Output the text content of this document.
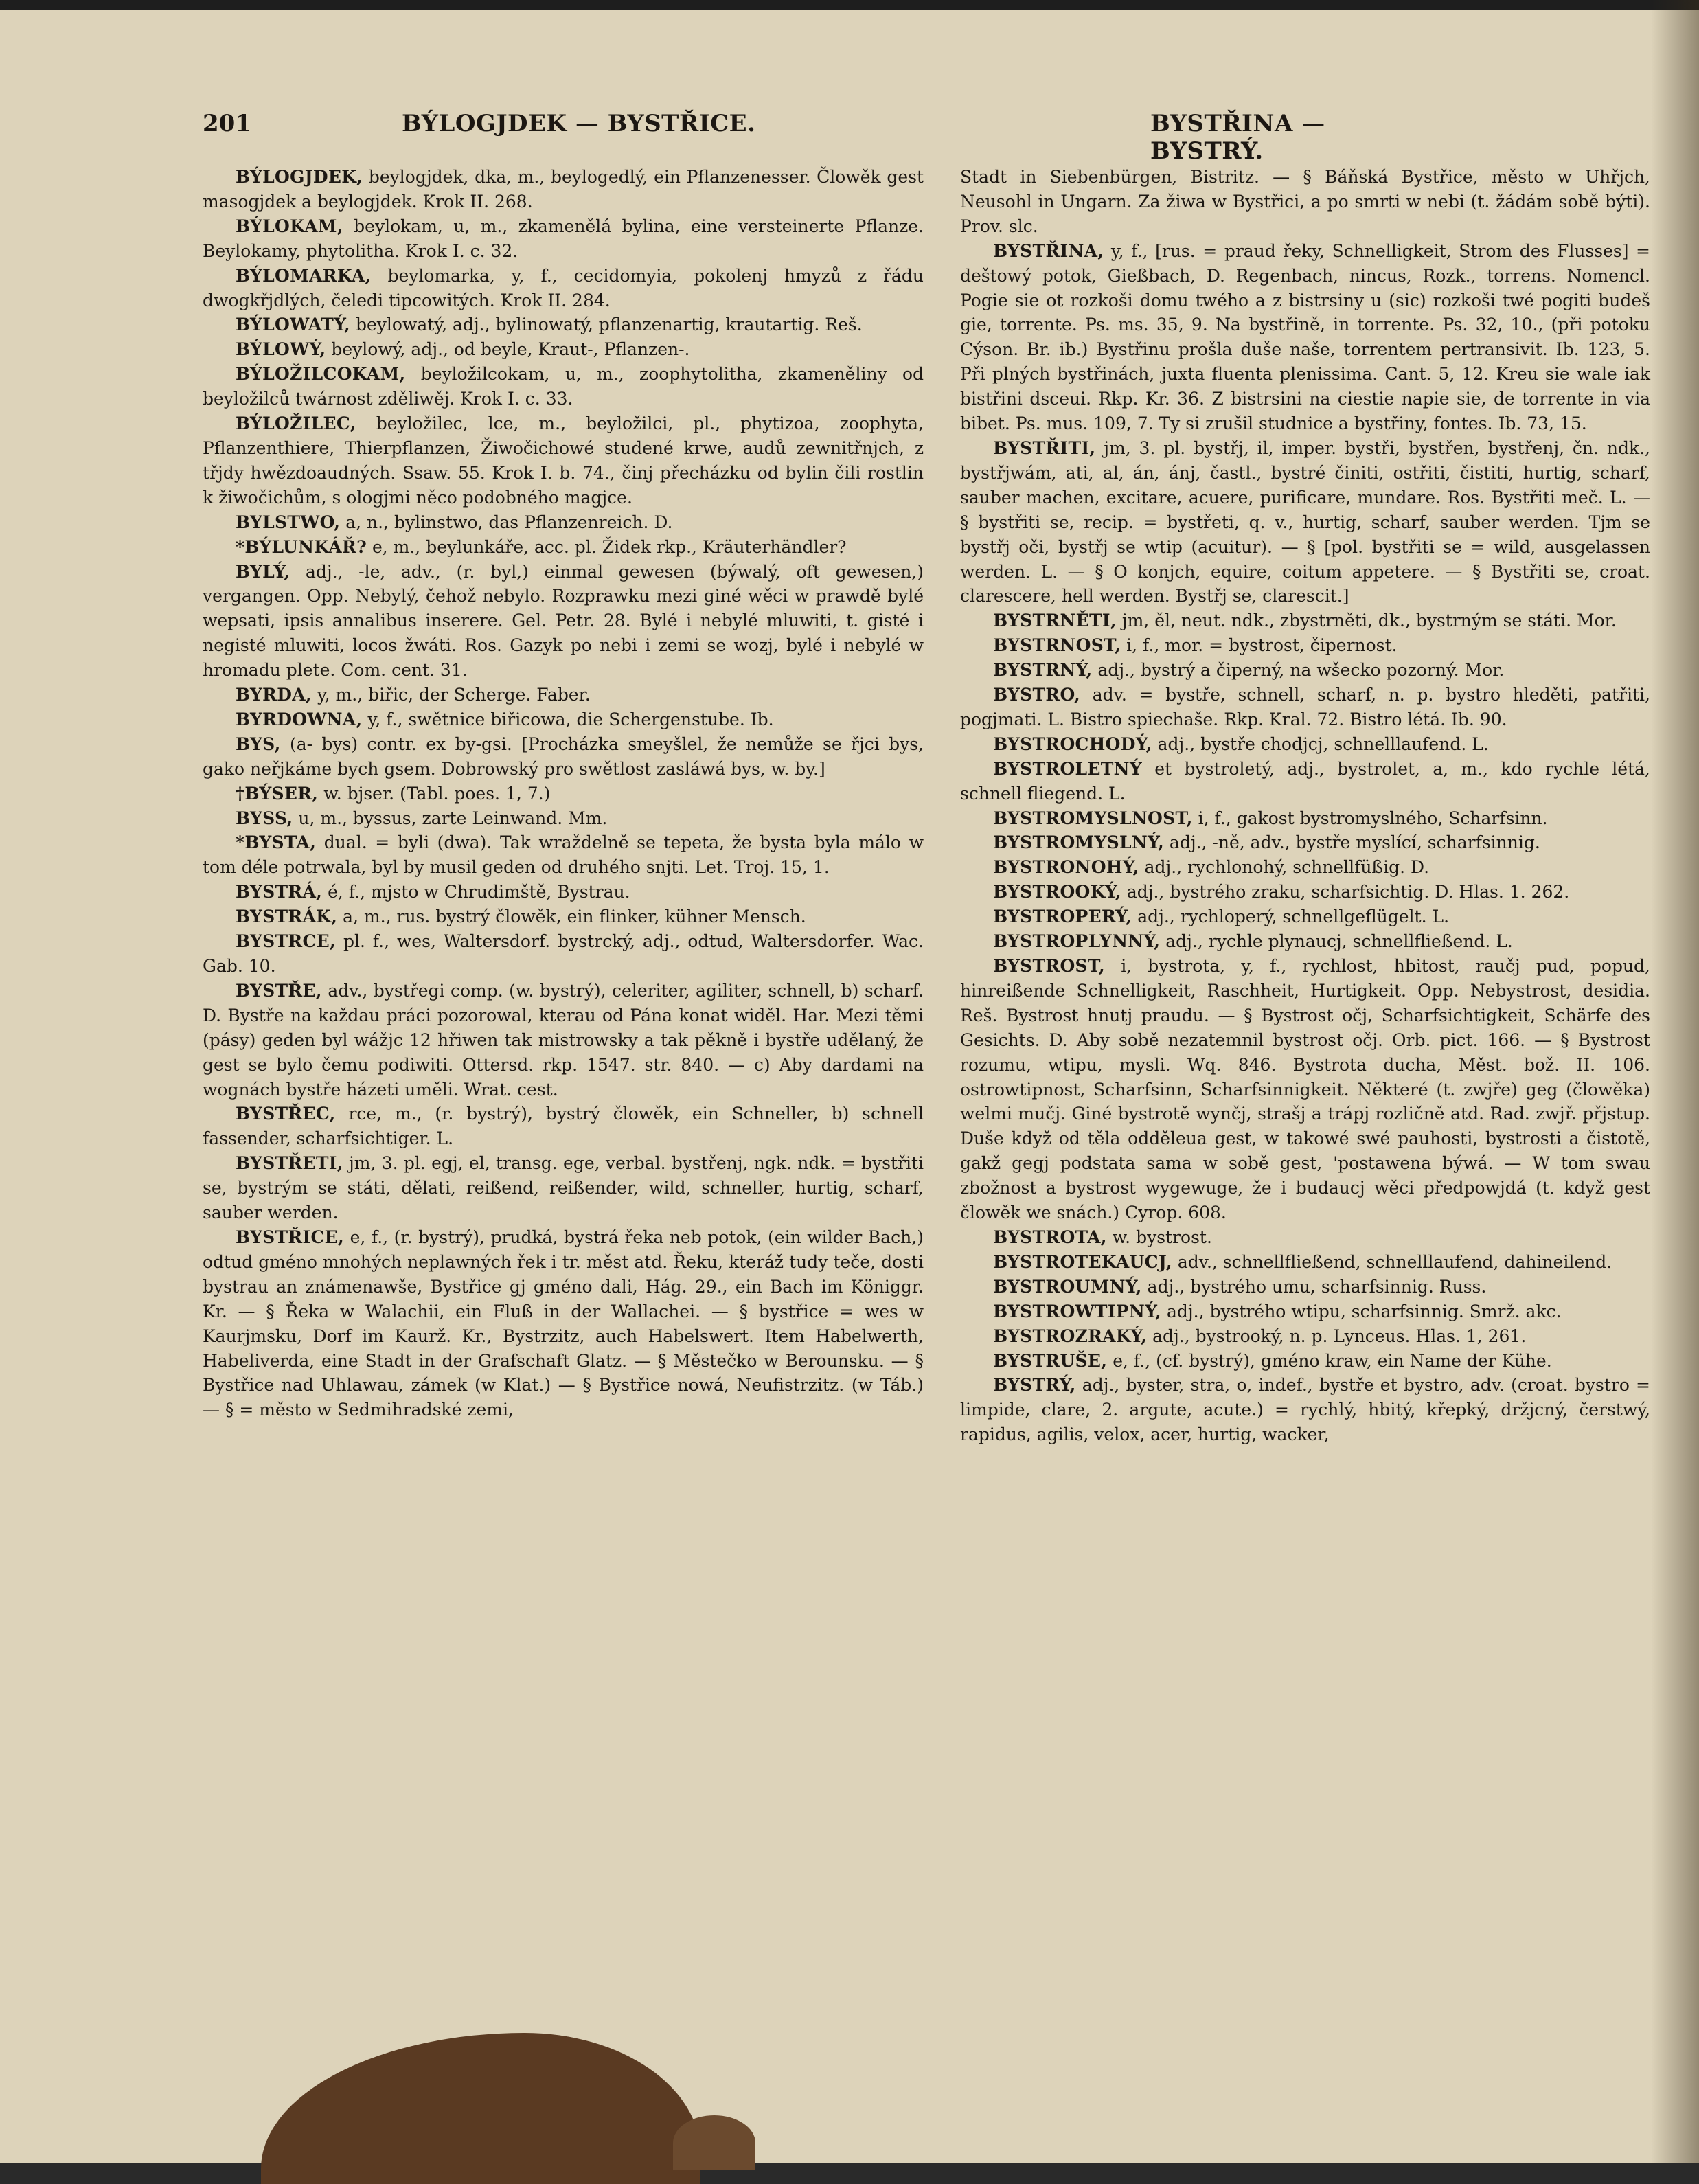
201	BÝLOGJDEK — BYSTŘICE.	BYSTŘINA — BYSTRÝ.

BÝLOGJDEK, beylogjdek, dka, m., beylogedlý, ein Pflanzenesser. Člowěk gest masogjdek a beylogjdek. Krok II. 268.

BÝLOKAM, beylokam, u, m., zkamenělá bylina, eine versteinerte Pflanze. Beylokamy, phytolitha. Krok I. c. 32.

BÝLOMARKA, beylomarka, y, f., cecidomyia, pokolenj hmyzů z řádu dwogkřjdlých, čeledi tipcowitých. Krok II. 284.

BÝLOWATÝ, beylowatý, adj., bylinowatý, pflanzenartig, krautartig. Reš.

BÝLOWÝ, beylowý, adj., od beyle, Kraut-, Pflanzen-.

BÝLOŽILCOKAM, beyložilcokam, u, m., zoophytolitha, zkameněliny od beyložilců twárnost zděliwěj. Krok I. c. 33.

BÝLOŽILEC, beyložilec, lce, m., beyložilci, pl., phytizoa, zoophyta, Pflanzenthiere, Thierpflanzen, Žiwočichowé studené krwe, audů zewnitřnjch, z třjdy hwězdoaudných. Ssaw. 55. Krok I. b. 74., činj přecházku od bylin čili rostlin k žiwočichům, s ologjmi něco podobného magjce.

BYLSTWO, a, n., bylinstwo, das Pflanzenreich. D.

*BÝLUNKÁŘ? e, m., beylunkáře, acc. pl. Židek rkp., Kräuterhändler?

BYLÝ, adj., -le, adv., (r. byl,) einmal gewesen (býwalý, oft gewesen,) vergangen. Opp. Nebylý, čehož nebylo. Rozprawku mezi giné wěci w prawdě bylé wepsati, ipsis annalibus inserere. Gel. Petr. 28. Bylé i nebylé mluwiti, t. gisté i negisté mluwiti, locos žwáti. Ros. Gazyk po nebi i zemi se wozj, bylé i nebylé w hromadu plete. Com. cent. 31.

BYRDA, y, m., biřic, der Scherge. Faber.

BYRDOWNA, y, f., swětnice biřicowa, die Schergenstube. Ib.

BYS, (a- bys) contr. ex by-gsi. [Procházka smeyšlel, že nemůže se řjci bys, gako neřjkáme bych gsem. Dobrowský pro swětlost zasláwá bys, w. by.]

†BÝSER, w. bjser. (Tabl. poes. 1, 7.)

BYSS, u, m., byssus, zarte Leinwand. Mm.

*BYSTA, dual. = byli (dwa). Tak wraždelně se tepeta, že bysta byla málo w tom déle potrwala, byl by musil geden od druhého snjti. Let. Troj. 15, 1.

BYSTRÁ, é, f., mjsto w Chrudimště, Bystrau.

BYSTRÁK, a, m., rus. bystrý člowěk, ein flinker, kühner Mensch.

BYSTRCE, pl. f., wes, Waltersdorf. bystrcký, adj., odtud, Waltersdorfer. Wac. Gab. 10.

BYSTŘE, adv., bystřegi comp. (w. bystrý), celeriter, agiliter, schnell, b) scharf. D. Bystře na každau práci pozorowal, kterau od Pána konat widěl. Har. Mezi těmi (pásy) geden byl wážjc 12 hřiwen tak mistrowsky a tak pěkně i bystře udělaný, že gest se bylo čemu podiwiti. Ottersd. rkp. 1547. str. 840. — c) Aby dardami na wognách bystře házeti uměli. Wrat. cest.

BYSTŘEC, rce, m., (r. bystrý), bystrý člowěk, ein Schneller, b) schnell fassender, scharfsichtiger. L.

BYSTŘETI, jm, 3. pl. egj, el, transg. ege, verbal. bystřenj, ngk. ndk. = bystřiti se, bystrým se státi, dělati, reißend, reißender, wild, schneller, hurtig, scharf, sauber werden.

BYSTŘICE, e, f., (r. bystrý), prudká, bystrá řeka neb potok, (ein wilder Bach,) odtud gméno mnohých neplawných řek i tr. měst atd. Řeku, kteráž tudy teče, dosti bystrau an známenawše, Bystřice gj gméno dali, Hág. 29., ein Bach im Königgr. Kr. — § Řeka w Walachii, ein Fluß in der Wallachei. — § bystřice = wes w Kaurjmsku, Dorf im Kaurž. Kr., Bystrzitz, auch Habelswert. Item Habelwerth, Habeliverda, eine Stadt in der Grafschaft Glatz. — § Městečko w Berounsku. — § Bystřice nad Uhlawau, zámek (w Klat.) — § Bystřice nowá, Neufistrzitz. (w Táb.) — § = město w Sedmihradské zemi,

Stadt in Siebenbürgen, Bistritz. — § Báňská Bystřice, město w Uhřjch, Neusohl in Ungarn. Za žiwa w Bystřici, a po smrti w nebi (t. žádám sobě býti). Prov. slc.

BYSTŘINA, y, f., [rus. = praud řeky, Schnelligkeit, Strom des Flusses] = deštowý potok, Gießbach, D. Regenbach, nincus, Rozk., torrens. Nomencl. Pogie sie ot rozkoši domu twého a z bistrsiny u (sic) rozkoši twé pogiti budeš gie, torrente. Ps. ms. 35, 9. Na bystřině, in torrente. Ps. 32, 10., (při potoku Cýson. Br. ib.) Bystřinu prošla duše naše, torrentem pertransivit. Ib. 123, 5. Při plných bystřinách, juxta fluenta plenissima. Cant. 5, 12. Kreu sie wale iak bistřini dsceui. Rkp. Kr. 36. Z bistrsini na ciestie napie sie, de torrente in via bibet. Ps. mus. 109, 7. Ty si zrušil studnice a bystřiny, fontes. Ib. 73, 15.

BYSTŘITI, jm, 3. pl. bystřj, il, imper. bystři, bystřen, bystřenj, čn. ndk., bystřjwám, ati, al, án, ánj, častl., bystré činiti, ostřiti, čistiti, hurtig, scharf, sauber machen, excitare, acuere, purificare, mundare. Ros. Bystřiti meč. L. — § bystřiti se, recip. = bystřeti, q. v., hurtig, scharf, sauber werden. Tjm se bystřj oči, bystřj se wtip (acuitur). — § [pol. bystřiti se = wild, ausgelassen werden. L. — § O konjch, equire, coitum appetere. — § Bystřiti se, croat. clarescere, hell werden. Bystřj se, clarescit.]

BYSTRNĚTI, jm, ěl, neut. ndk., zbystrněti, dk., bystrným se státi. Mor.

BYSTRNOST, i, f., mor. = bystrost, čipernost.

BYSTRNÝ, adj., bystrý a čiperný, na wšecko pozorný. Mor.

BYSTRO, adv. = bystře, schnell, scharf, n. p. bystro hleděti, patřiti, pogjmati. L. Bistro spiechaše. Rkp. Kral. 72. Bistro létá. Ib. 90.

BYSTROCHODÝ, adj., bystře chodjcj, schnelllaufend. L.

BYSTROLETNÝ et bystroletý, adj., bystrolet, a, m., kdo rychle létá, schnell fliegend. L.

BYSTROMYSLNOST, i, f., gakost bystromyslného, Scharfsinn.

BYSTROMYSLNÝ, adj., -ně, adv., bystře myslící, scharfsinnig.

BYSTRONOHÝ, adj., rychlonohý, schnellfüßig. D.

BYSTROOKÝ, adj., bystrého zraku, scharfsichtig. D. Hlas. 1. 262.

BYSTROPERÝ, adj., rychloperý, schnellgeflügelt. L.

BYSTROPLYNNÝ, adj., rychle plynaucj, schnellfließend. L.

BYSTROST, i, bystrota, y, f., rychlost, hbitost, raučj pud, popud, hinreißende Schnelligkeit, Raschheit, Hurtigkeit. Opp. Nebystrost, desidia. Reš. Bystrost hnutj praudu. — § Bystrost očj, Scharfsichtigkeit, Schärfe des Gesichts. D. Aby sobě nezatemnil bystrost očj. Orb. pict. 166. — § Bystrost rozumu, wtipu, mysli. Wq. 846. Bystrota ducha, Měst. bož. II. 106. ostrowtipnost, Scharfsinn, Scharfsinnigkeit. Některé (t. zwjře) geg (člowěka) welmi mučj. Giné bystrotě wynčj, strašj a trápj rozličně atd. Rad. zwjř. přjstup. Duše když od těla odděleua gest, w takowé swé pauhosti, bystrosti a čistotě, gakž gegj podstata sama w sobě gest, 'postawena býwá. — W tom swau zbožnost a bystrost wygewuge, že i budaucj wěci předpowjdá (t. když gest člowěk we snách.) Cyrop. 608.

BYSTROTA, w. bystrost.

BYSTROTEKAUCJ, adv., schnellfließend, schnelllaufend, dahineilend.

BYSTROUMNÝ, adj., bystrého umu, scharfsinnig. Russ.

BYSTROWTIPNÝ, adj., bystrého wtipu, scharfsinnig. Smrž. akc.

BYSTROZRAKÝ, adj., bystrooký, n. p. Lynceus. Hlas. 1, 261.

BYSTRUŠE, e, f., (cf. bystrý), gméno kraw, ein Name der Kühe.

BYSTRÝ, adj., byster, stra, o, indef., bystře et bystro, adv. (croat. bystro = limpide, clare, 2. argute, acute.) = rychlý, hbitý, křepký, držjcný, čerstwý, rapidus, agilis, velox, acer, hurtig, wacker,
